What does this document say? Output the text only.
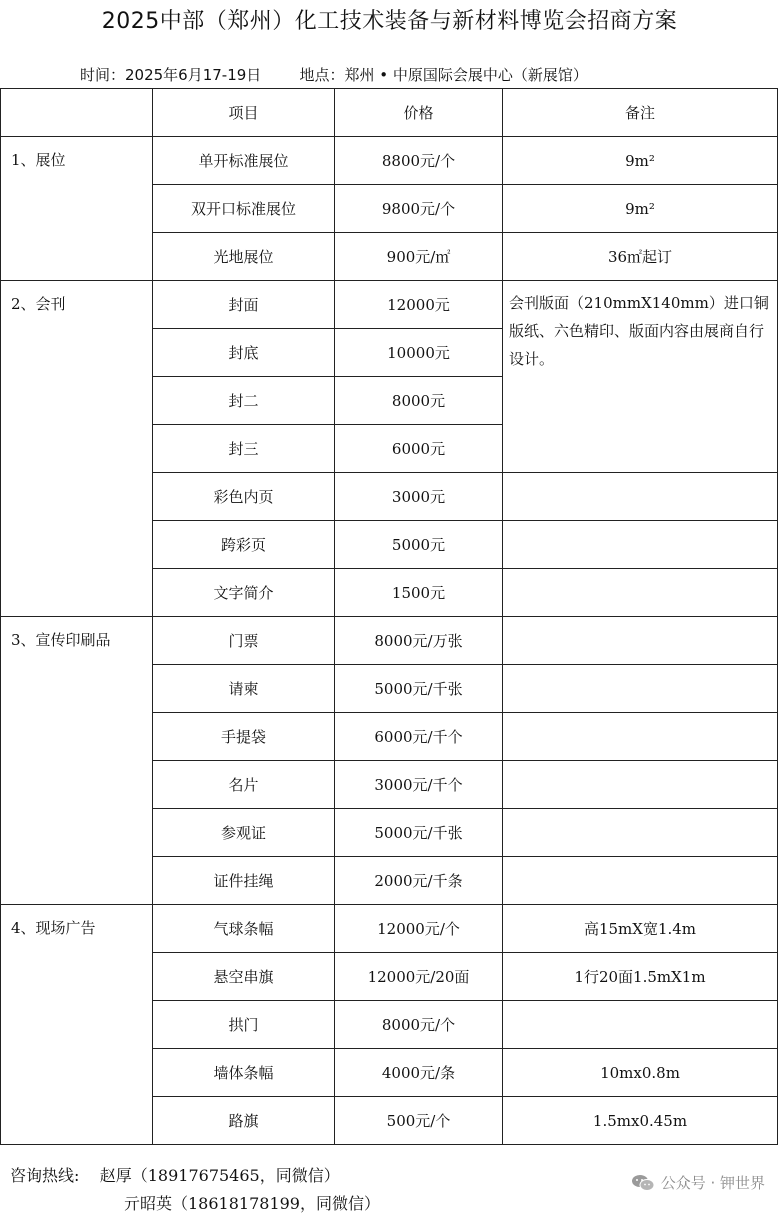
2025中部（郑州）化工技术装备与新材料博览会招商方案
时间：2025年6月17-19日	地点：郑州 • 中原国际会展中心（新展馆）
	项目	价格	备注
1、展位	单开标准展位	8800元/个	9m²
	双开口标准展位	9800元/个	9m²
	光地展位	900元/㎡	36㎡起订
2、会刊	封面	12000元	会刊版面（210mmX140mm）进口铜版纸、六色精印、版面内容由展商自行设计。
	封底	10000元	
	封二	8000元	
	封三	6000元	
	彩色内页	3000元	
	跨彩页	5000元	
	文字简介	1500元	
3、宣传印刷品	门票	8000元/万张	
	请柬	5000元/千张	
	手提袋	6000元/千个	
	名片	3000元/千个	
	参观证	5000元/千张	
	证件挂绳	2000元/千条	
4、现场广告	气球条幅	12000元/个	高15mX宽1.4m
	悬空串旗	12000元/20面	1行20面1.5mX1m
	拱门	8000元/个	
	墙体条幅	4000元/条	10mx0.8m
	路旗	500元/个	1.5mx0.45m
咨询热线:    赵厚（18917675465，同微信）
亓昭英（18618178199，同微信）
公众号 · 钾世界
